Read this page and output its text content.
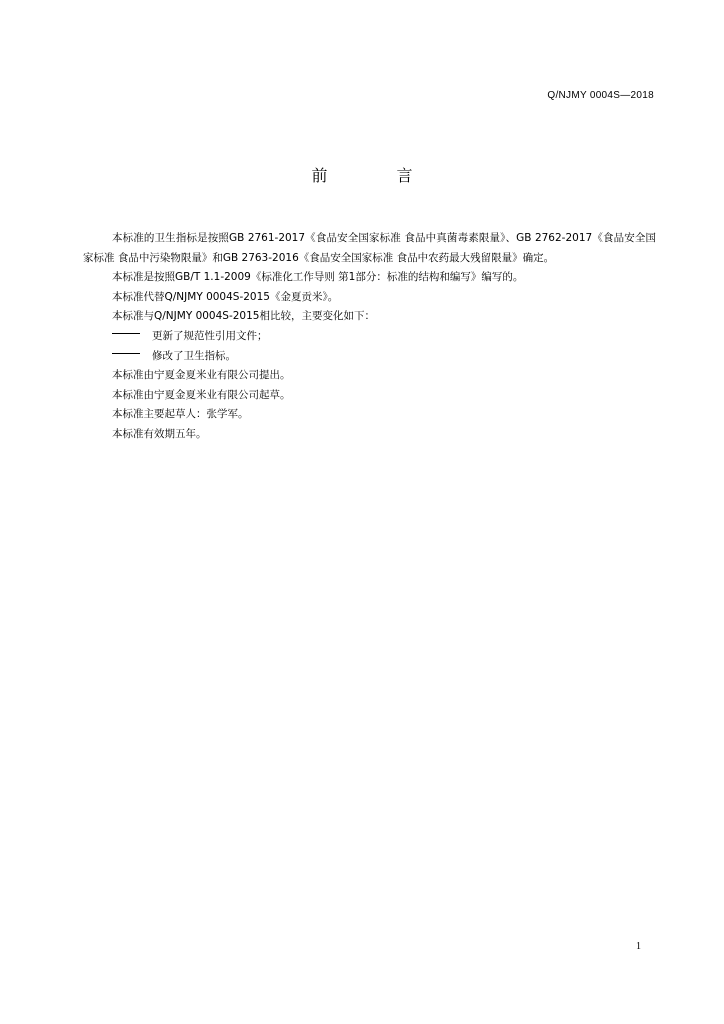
Q/NJMY 0004S—2018
前 言

本标准的卫生指标是按照GB 2761-2017《食品安全国家标准 食品中真菌毒素限量》、GB 2762-2017《食品安全国家标准 食品中污染物限量》和GB 2763-2016《食品安全国家标准 食品中农药最大残留限量》确定。

本标准是按照GB/T 1.1-2009《标准化工作导则 第1部分：标准的结构和编写》编写的。

本标准代替Q/NJMY 0004S-2015《金夏贡米》。

本标准与Q/NJMY 0004S-2015相比较，主要变化如下：

更新了规范性引用文件；

修改了卫生指标。

本标准由宁夏金夏米业有限公司提出。

本标准由宁夏金夏米业有限公司起草。

本标准主要起草人：张学军。

本标准有效期五年。

1
